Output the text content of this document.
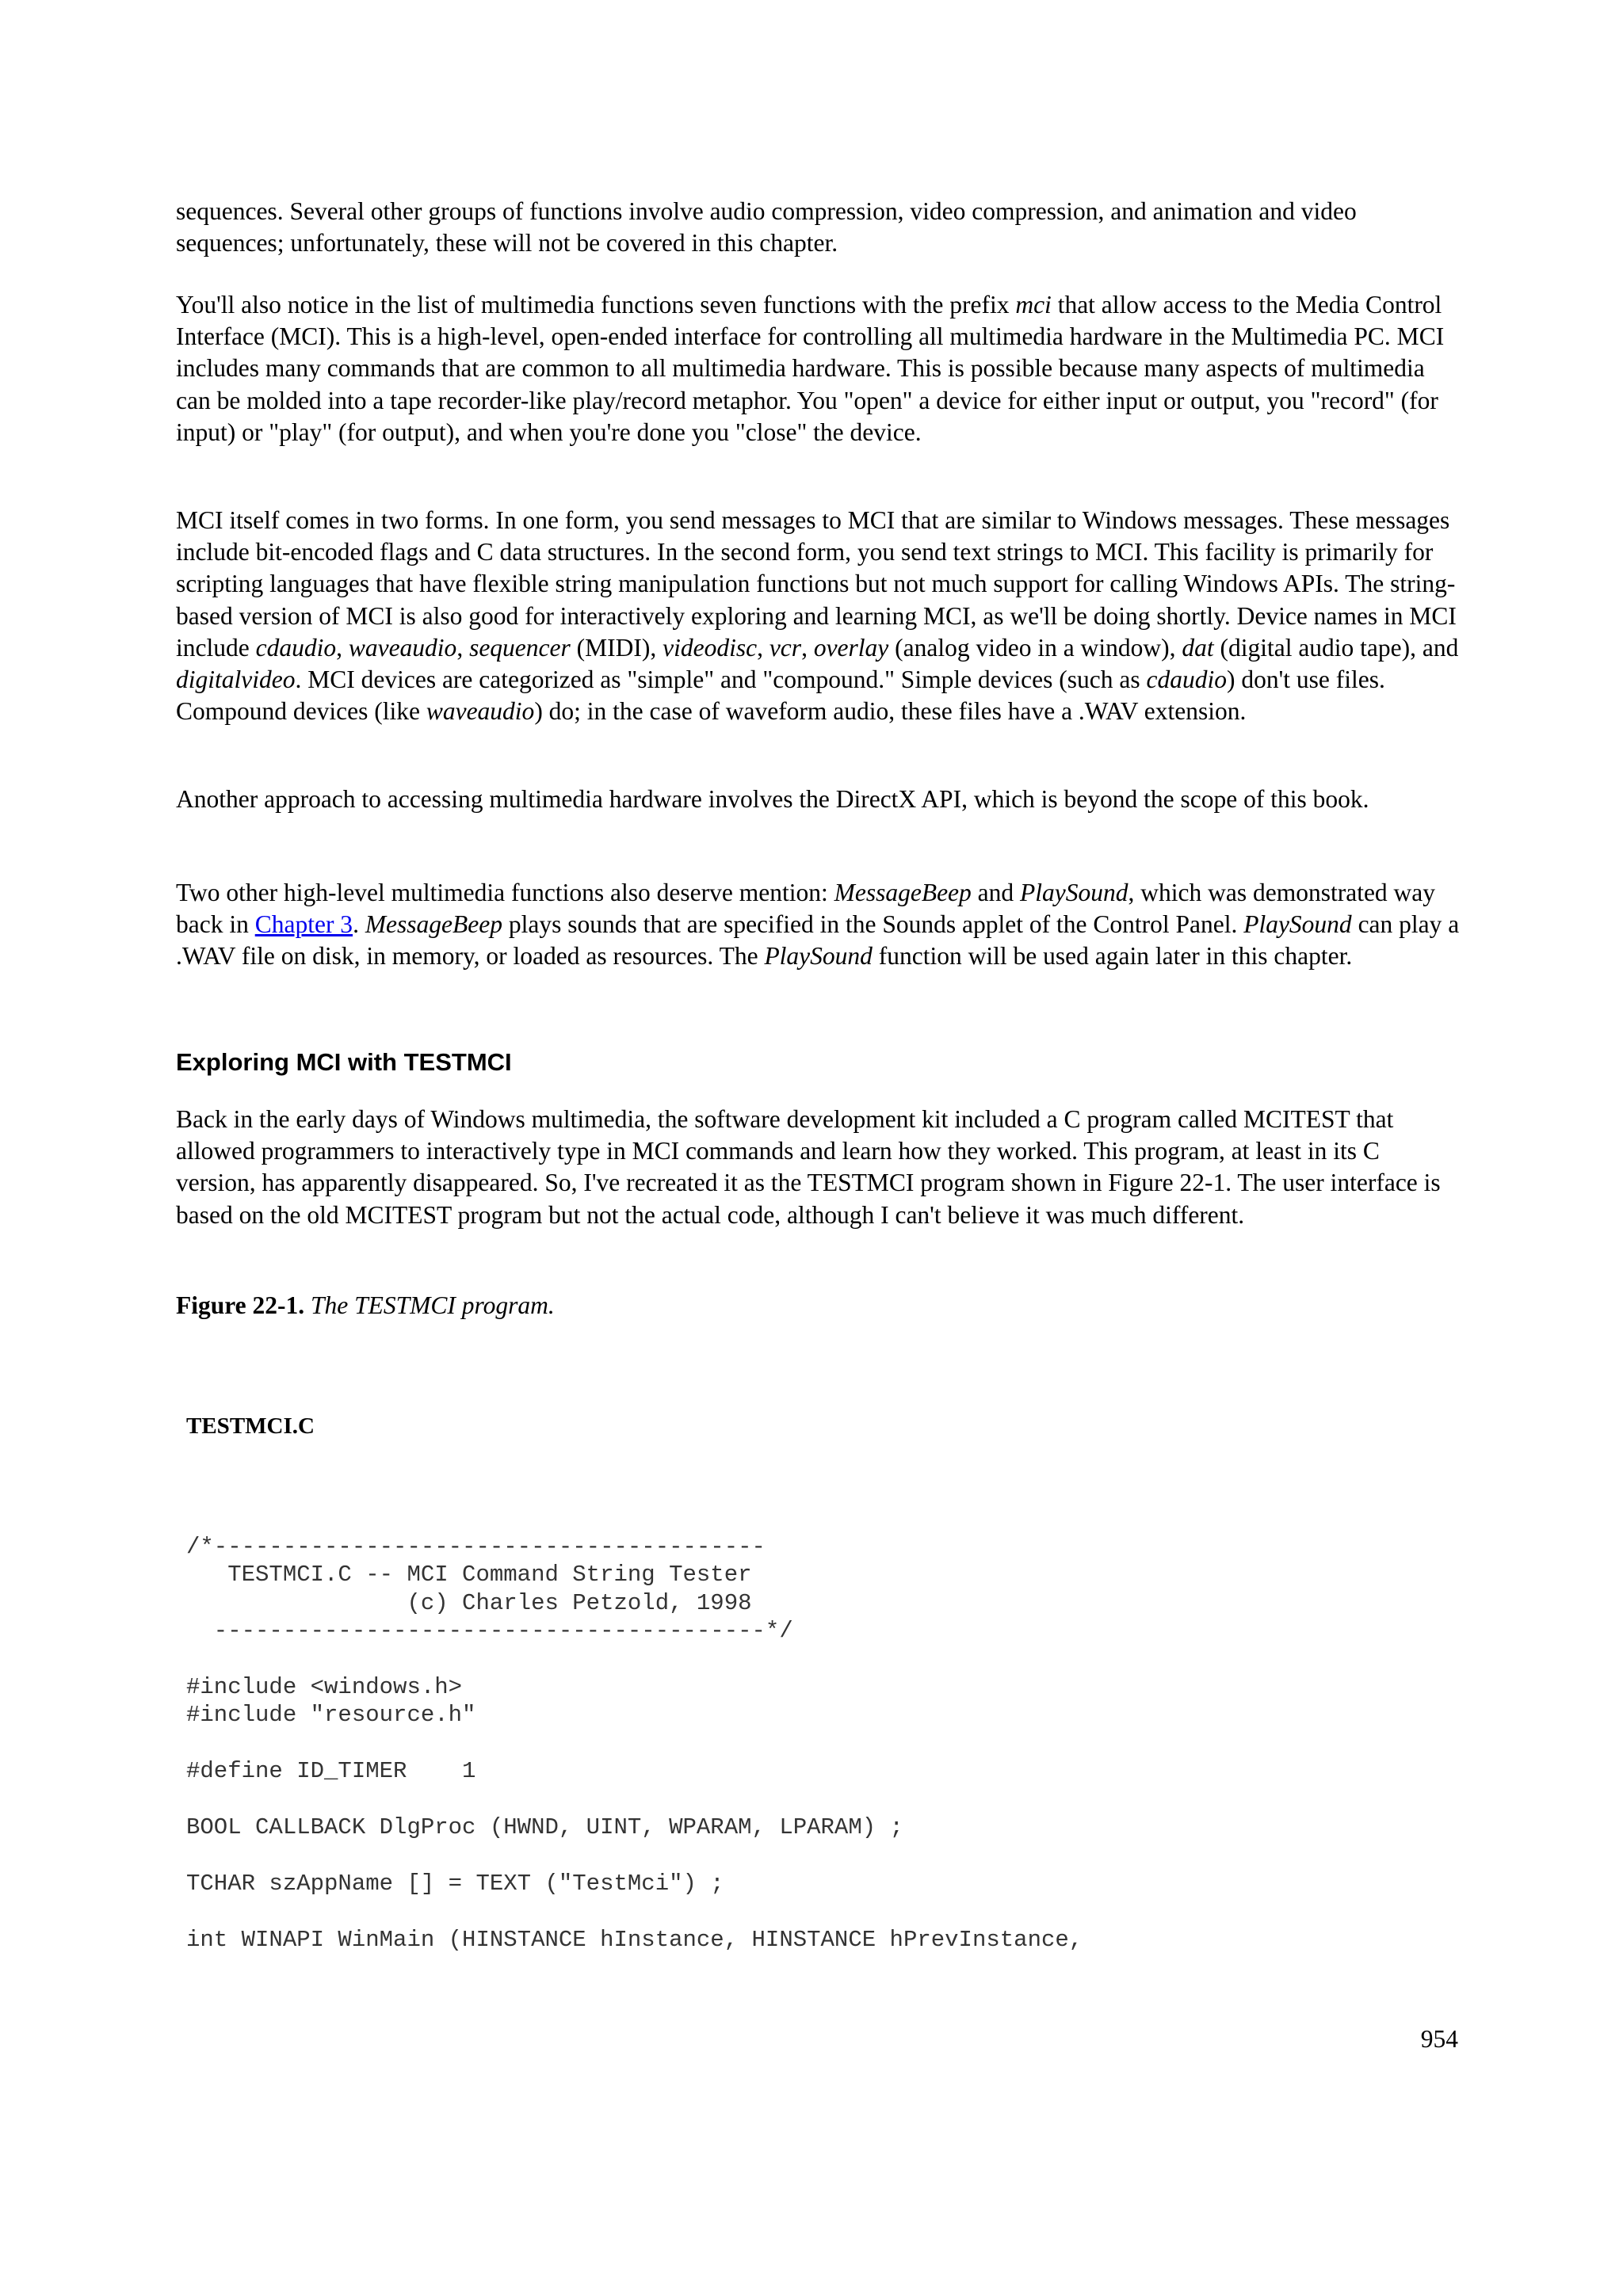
sequences. Several other groups of functions involve audio compression, video compression, and animation and video sequences; unfortunately, these will not be covered in this chapter.

You'll also notice in the list of multimedia functions seven functions with the prefix mci that allow access to the Media Control Interface (MCI). This is a high-level, open-ended interface for controlling all multimedia hardware in the Multimedia PC. MCI includes many commands that are common to all multimedia hardware. This is possible because many aspects of multimedia can be molded into a tape recorder-like play/record metaphor. You "open" a device for either input or output, you "record" (for input) or "play" (for output), and when you're done you "close" the device.

MCI itself comes in two forms. In one form, you send messages to MCI that are similar to Windows messages. These messages include bit-encoded flags and C data structures. In the second form, you send text strings to MCI. This facility is primarily for scripting languages that have flexible string manipulation functions but not much support for calling Windows APIs. The string-based version of MCI is also good for interactively exploring and learning MCI, as we'll be doing shortly. Device names in MCI include cdaudio, waveaudio, sequencer (MIDI), videodisc, vcr, overlay (analog video in a window), dat (digital audio tape), and digitalvideo. MCI devices are categorized as "simple" and "compound." Simple devices (such as cdaudio) don't use files. Compound devices (like waveaudio) do; in the case of waveform audio, these files have a .WAV extension.

Another approach to accessing multimedia hardware involves the DirectX API, which is beyond the scope of this book.

Two other high-level multimedia functions also deserve mention: MessageBeep and PlaySound, which was demonstrated way back in Chapter 3. MessageBeep plays sounds that are specified in the Sounds applet of the Control Panel. PlaySound can play a .WAV file on disk, in memory, or loaded as resources. The PlaySound function will be used again later in this chapter.

Exploring MCI with TESTMCI

Back in the early days of Windows multimedia, the software development kit included a C program called MCITEST that allowed programmers to interactively type in MCI commands and learn how they worked. This program, at least in its C version, has apparently disappeared. So, I've recreated it as the TESTMCI program shown in Figure 22-1. The user interface is based on the old MCITEST program but not the actual code, although I can't believe it was much different.

Figure 22-1. The TESTMCI program.

TESTMCI.C

/*----------------------------------------
TESTMCI.C -- MCI Command String Tester
(c) Charles Petzold, 1998
----------------------------------------*/

#include <windows.h>
#include "resource.h"

#define ID_TIMER    1

BOOL CALLBACK DlgProc (HWND, UINT, WPARAM, LPARAM) ;

TCHAR szAppName [] = TEXT ("TestMci") ;

int WINAPI WinMain (HINSTANCE hInstance, HINSTANCE hPrevInstance,

954
